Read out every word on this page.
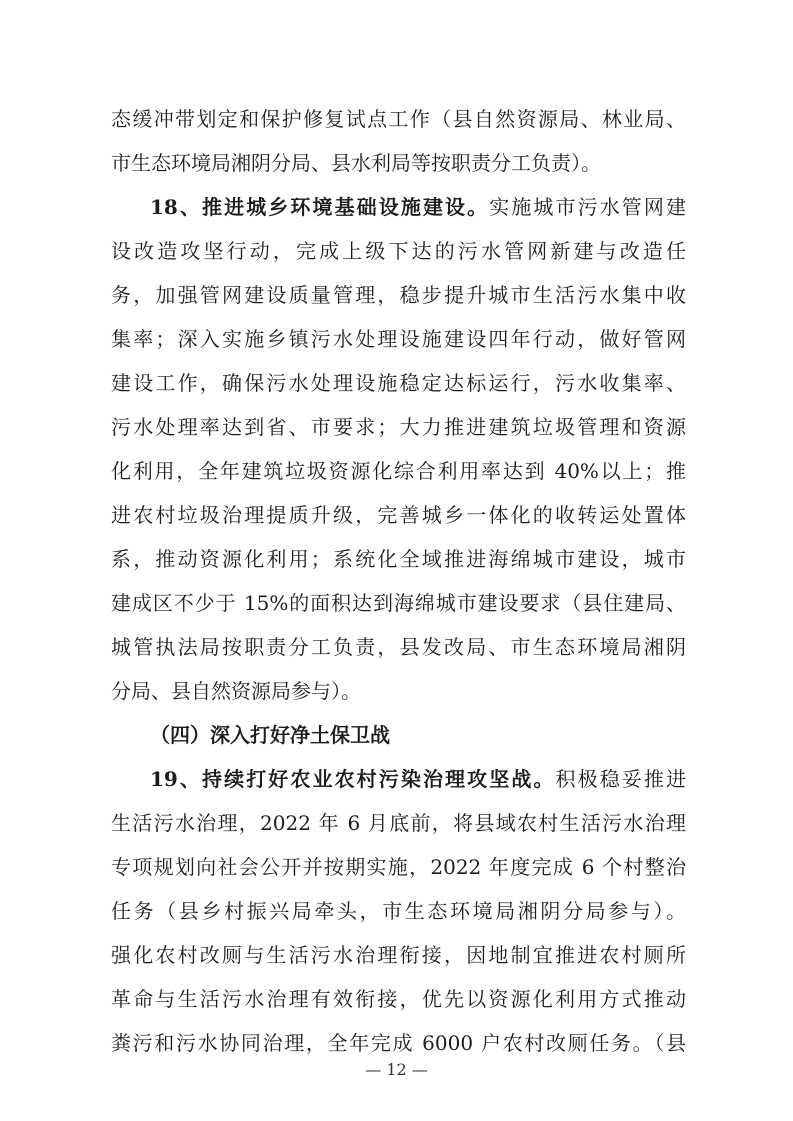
态缓冲带划定和保护修复试点工作（县自然资源局、林业局、
市生态环境局湘阴分局、县水利局等按职责分工负责）。
18、推进城乡环境基础设施建设。实施城市污水管网建
设改造攻坚行动，完成上级下达的污水管网新建与改造任
务，加强管网建设质量管理，稳步提升城市生活污水集中收
集率；深入实施乡镇污水处理设施建设四年行动，做好管网
建设工作，确保污水处理设施稳定达标运行，污水收集率、
污水处理率达到省、市要求；大力推进建筑垃圾管理和资源
化利用，全年建筑垃圾资源化综合利用率达到 40%以上；推
进农村垃圾治理提质升级，完善城乡一体化的收转运处置体
系，推动资源化利用；系统化全域推进海绵城市建设，城市
建成区不少于 15%的面积达到海绵城市建设要求（县住建局、
城管执法局按职责分工负责，县发改局、市生态环境局湘阴
分局、县自然资源局参与）。
（四）深入打好净土保卫战
19、持续打好农业农村污染治理攻坚战。积极稳妥推进
生活污水治理，2022 年 6 月底前，将县域农村生活污水治理
专项规划向社会公开并按期实施，2022 年度完成 6 个村整治
任务（县乡村振兴局牵头，市生态环境局湘阴分局参与）。
强化农村改厕与生活污水治理衔接，因地制宜推进农村厕所
革命与生活污水治理有效衔接，优先以资源化利用方式推动
粪污和污水协同治理，全年完成 6000 户农村改厕任务。（县
— 12 —
